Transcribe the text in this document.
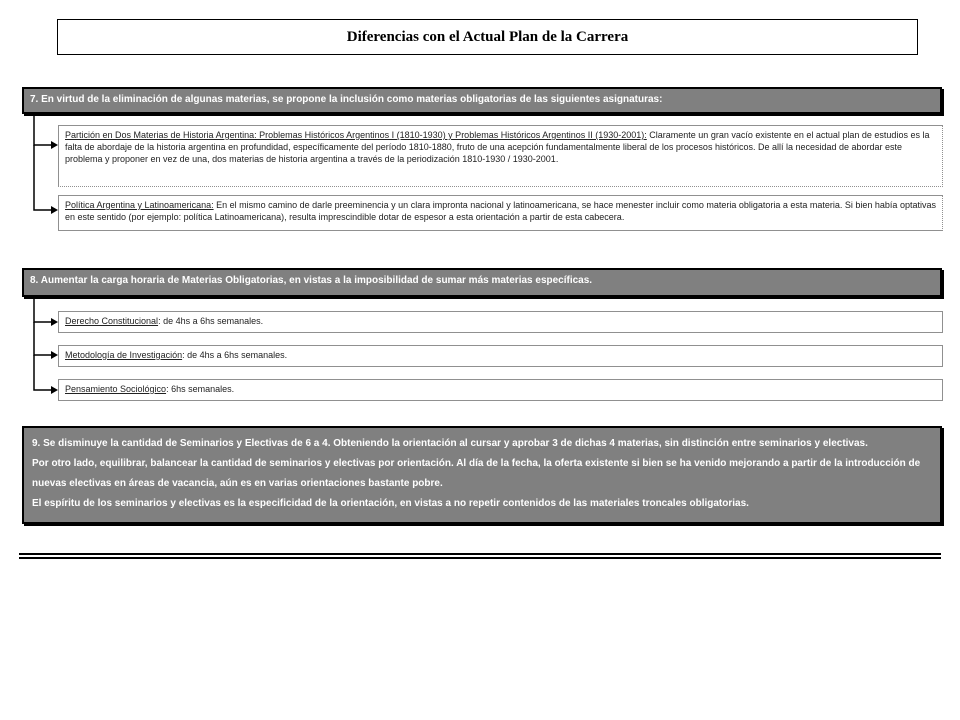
Diferencias con el Actual Plan de la Carrera
7. En virtud de la eliminación de algunas materias, se propone la inclusión como materias obligatorias de las siguientes asignaturas:
Partición en Dos Materias de Historia Argentina: Problemas Históricos Argentinos I (1810-1930) y Problemas Históricos Argentinos II (1930-2001): Claramente un gran vacío existente en el actual plan de estudios es la falta de abordaje de la historia argentina en profundidad, específicamente del período 1810-1880, fruto de una acepción fundamentalmente liberal de los procesos históricos. De allí la necesidad de abordar este problema y proponer en vez de una, dos materias de historia argentina a través de la periodización 1810-1930 / 1930-2001.
Política Argentina y Latinoamericana: En el mismo camino de darle preeminencia y un clara impronta nacional y latinoamericana, se hace menester incluir como materia obligatoria a esta materia. Si bien había optativas en este sentido (por ejemplo: política Latinoamericana), resulta imprescindible dotar de espesor a esta orientación a partir de esta cabecera.
8. Aumentar la carga horaria de Materias Obligatorias, en vistas a la imposibilidad de sumar más materias específicas.
Derecho Constitucional: de 4hs a 6hs semanales.
Metodología de Investigación: de 4hs a 6hs semanales.
Pensamiento Sociológico: 6hs semanales.

9. Se disminuye la cantidad de Seminarios y Electivas de 6 a 4. Obteniendo la orientación al cursar y aprobar 3 de dichas 4 materias, sin distinción entre seminarios y electivas.

Por otro lado, equilibrar, balancear la cantidad de seminarios y electivas por orientación. Al día de la fecha, la oferta existente si bien se ha venido mejorando a partir de la introducción de nuevas electivas en áreas de vacancia, aún es en varias orientaciones bastante pobre.

El espíritu de los seminarios y electivas es la especificidad de la orientación, en vistas a no repetir contenidos de las materiales troncales obligatorias.
